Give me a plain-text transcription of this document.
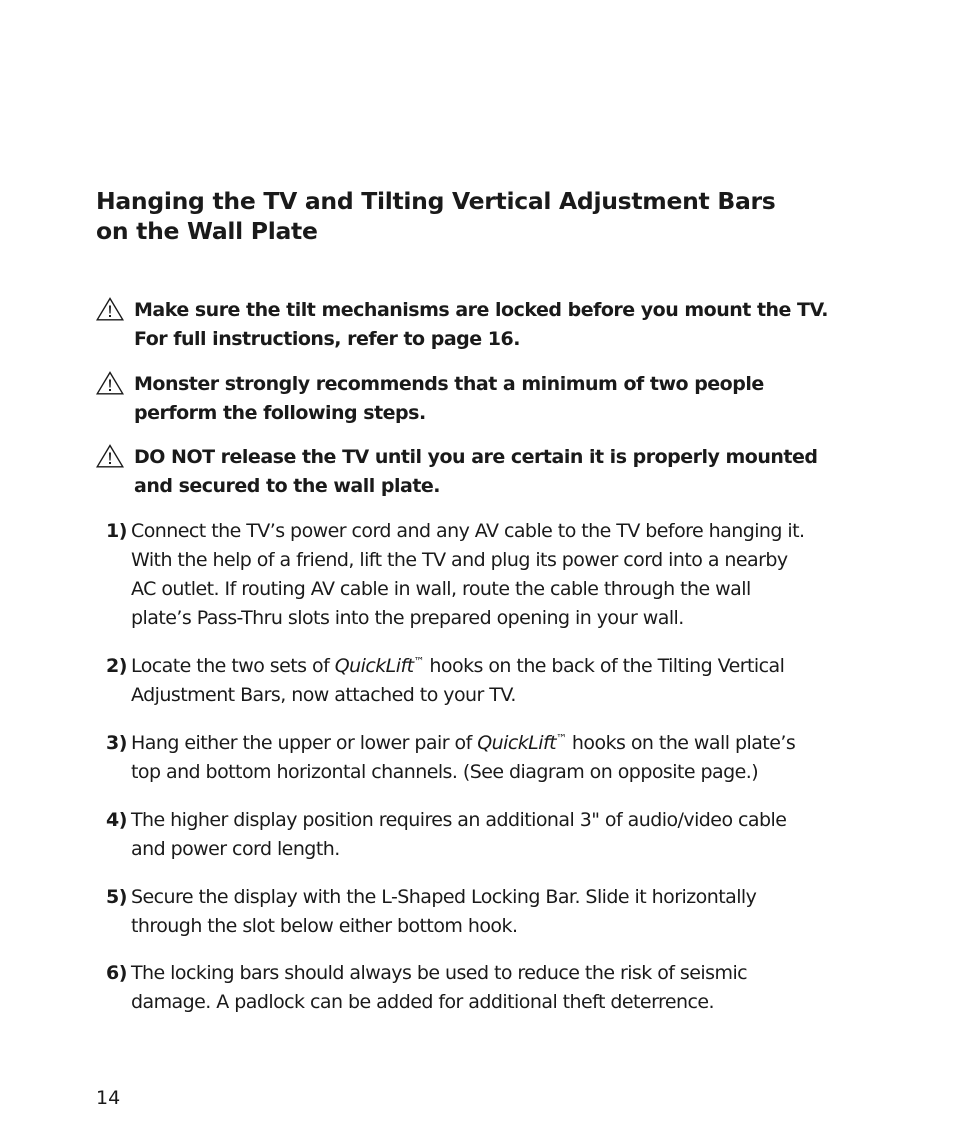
Hanging the TV and Tilting Vertical Adjustment Bars
on the Wall Plate
Make sure the tilt mechanisms are locked before you mount the TV.
For full instructions, refer to page 16.
Monster strongly recommends that a minimum of two people
perform the following steps.
DO NOT release the TV until you are certain it is properly mounted
and secured to the wall plate.
1) Connect the TV’s power cord and any AV cable to the TV before hanging it.
With the help of a friend, lift the TV and plug its power cord into a nearby
AC outlet. If routing AV cable in wall, route the cable through the wall
plate’s Pass-Thru slots into the prepared opening in your wall.
2) Locate the two sets of QuickLift™ hooks on the back of the Tilting Vertical
Adjustment Bars, now attached to your TV.
3) Hang either the upper or lower pair of QuickLift™ hooks on the wall plate’s
top and bottom horizontal channels. (See diagram on opposite page.)
4) The higher display position requires an additional 3" of audio/video cable
and power cord length.
5) Secure the display with the L-Shaped Locking Bar. Slide it horizontally
through the slot below either bottom hook.
6) The locking bars should always be used to reduce the risk of seismic
damage. A padlock can be added for additional theft deterrence.
14
